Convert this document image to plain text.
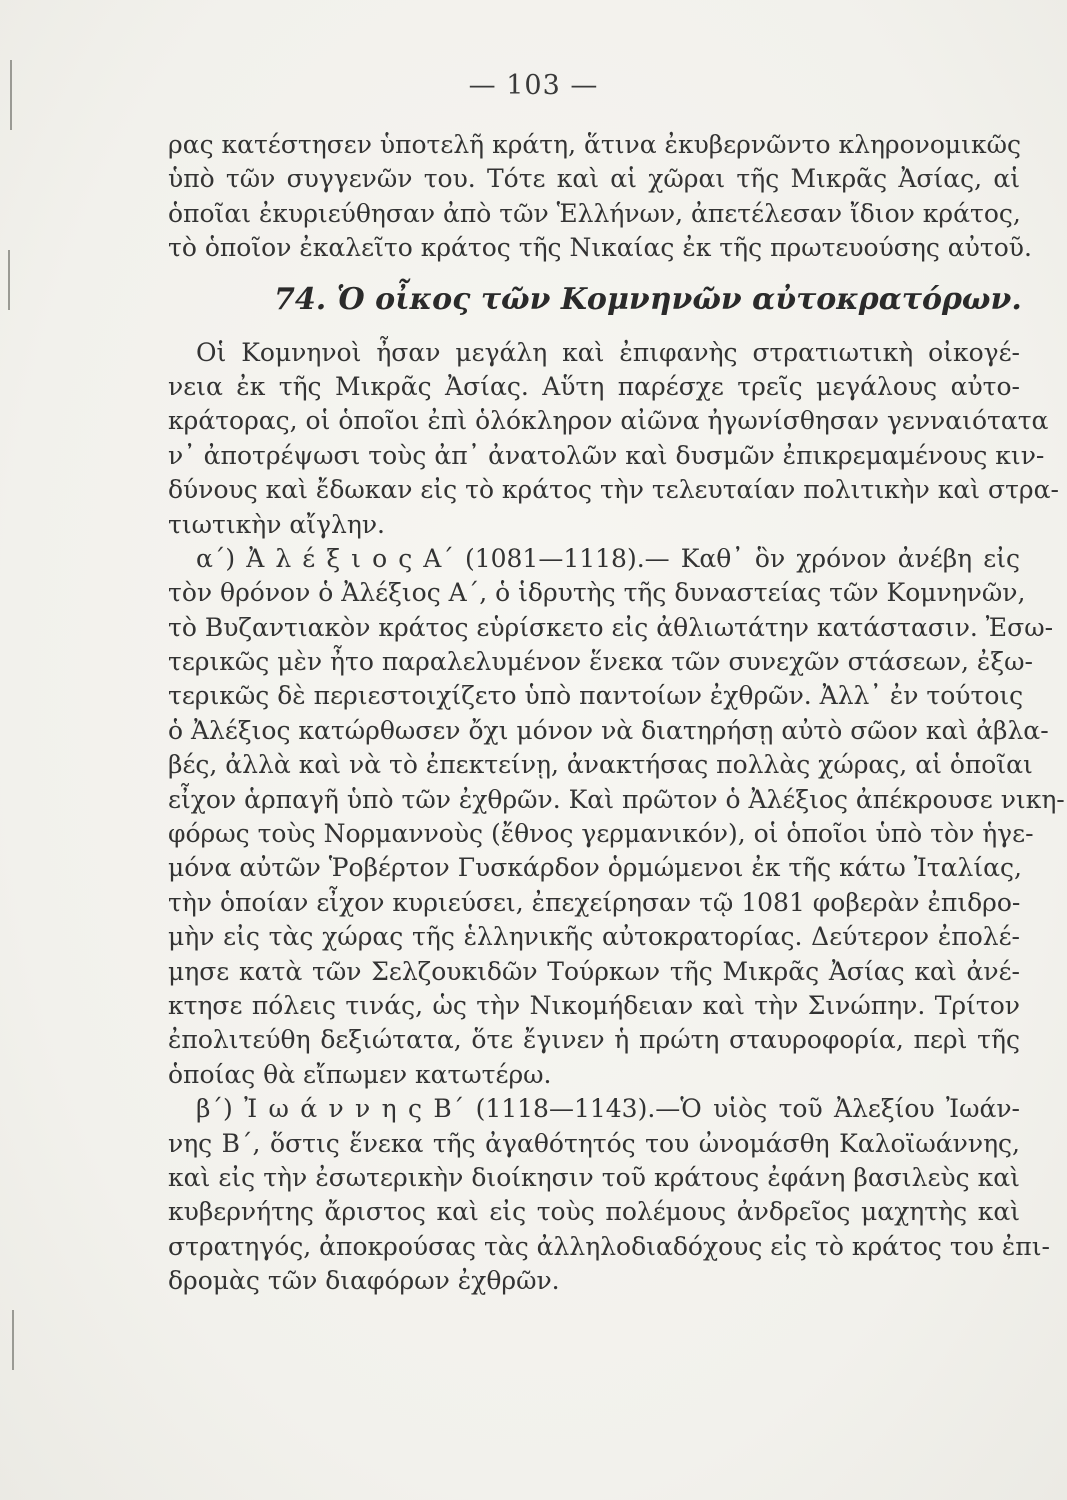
— 103 —
ρας κατέστησεν ὑποτελῆ κράτη, ἅτινα ἐκυβερνῶντο κληρονομικῶς
ὑπὸ τῶν συγγενῶν του. Τότε καὶ αἱ χῶραι τῆς Μικρᾶς Ἀσίας, αἱ
ὁποῖαι ἐκυριεύθησαν ἀπὸ τῶν Ἑλλήνων, ἀπετέλεσαν ἴδιον κράτος,
τὸ ὁποῖον ἐκαλεῖτο κράτος τῆς Νικαίας ἐκ τῆς πρωτευούσης αὐτοῦ.
74. Ὁ οἶκος τῶν Κομνηνῶν αὐτοκρατόρων.
Οἱ Κομνηνοὶ ἦσαν μεγάλη καὶ ἐπιφανὴς στρατιωτικὴ οἰκογέ-
νεια ἐκ τῆς Μικρᾶς Ἀσίας. Αὕτη παρέσχε τρεῖς μεγάλους αὐτο-
κράτορας, οἱ ὁποῖοι ἐπὶ ὁλόκληρον αἰῶνα ἠγωνίσθησαν γενναιότατα
ν᾽ ἀποτρέψωσι τοὺς ἀπ᾽ ἀνατολῶν καὶ δυσμῶν ἐπικρεμαμένους κιν-
δύνους καὶ ἔδωκαν εἰς τὸ κράτος τὴν τελευταίαν πολιτικὴν καὶ στρα-
τιωτικὴν αἴγλην.
α΄) Ἀ λ έ ξ ι ο ς Α΄ (1081—1118).— Καθ᾽ ὃν χρόνον ἀνέβη εἰς
τὸν θρόνον ὁ Ἀλέξιος Α΄, ὁ ἱδρυτὴς τῆς δυναστείας τῶν Κομνηνῶν,
τὸ Βυζαντιακὸν κράτος εὑρίσκετο εἰς ἀθλιωτάτην κατάστασιν. Ἐσω-
τερικῶς μὲν ἦτο παραλελυμένον ἕνεκα τῶν συνεχῶν στάσεων, ἐξω-
τερικῶς δὲ περιεστοιχίζετο ὑπὸ παντοίων ἐχθρῶν. Ἀλλ᾽ ἐν τούτοις
ὁ Ἀλέξιος κατώρθωσεν ὄχι μόνον νὰ διατηρήσῃ αὐτὸ σῶον καὶ ἀβλα-
βές, ἀλλὰ καὶ νὰ τὸ ἐπεκτείνῃ, ἀνακτήσας πολλὰς χώρας, αἱ ὁποῖαι
εἶχον ἁρπαγῆ ὑπὸ τῶν ἐχθρῶν. Καὶ πρῶτον ὁ Ἀλέξιος ἀπέκρουσε νικη-
φόρως τοὺς Νορμαννοὺς (ἔθνος γερμανικόν), οἱ ὁποῖοι ὑπὸ τὸν ἡγε-
μόνα αὐτῶν Ῥοβέρτον Γυσκάρδον ὁρμώμενοι ἐκ τῆς κάτω Ἰταλίας,
τὴν ὁποίαν εἶχον κυριεύσει, ἐπεχείρησαν τῷ 1081 φοβερὰν ἐπιδρο-
μὴν εἰς τὰς χώρας τῆς ἑλληνικῆς αὐτοκρατορίας. Δεύτερον ἐπολέ-
μησε κατὰ τῶν Σελζουκιδῶν Τούρκων τῆς Μικρᾶς Ἀσίας καὶ ἀνέ-
κτησε πόλεις τινάς, ὡς τὴν Νικομήδειαν καὶ τὴν Σινώπην. Τρίτον
ἐπολιτεύθη δεξιώτατα, ὅτε ἔγινεν ἡ πρώτη σταυροφορία, περὶ τῆς
ὁποίας θὰ εἴπωμεν κατωτέρω.
β΄) Ἰ ω ά ν ν η ς Β΄ (1118—1143).—Ὁ υἱὸς τοῦ Ἀλεξίου Ἰωάν-
νης Β΄, ὅστις ἕνεκα τῆς ἀγαθότητός του ὠνομάσθη Καλοϊωάννης,
καὶ εἰς τὴν ἐσωτερικὴν διοίκησιν τοῦ κράτους ἐφάνη βασιλεὺς καὶ
κυβερνήτης ἄριστος καὶ εἰς τοὺς πολέμους ἀνδρεῖος μαχητὴς καὶ
στρατηγός, ἀποκρούσας τὰς ἀλληλοδιαδόχους εἰς τὸ κράτος του ἐπι-
δρομὰς τῶν διαφόρων ἐχθρῶν.
